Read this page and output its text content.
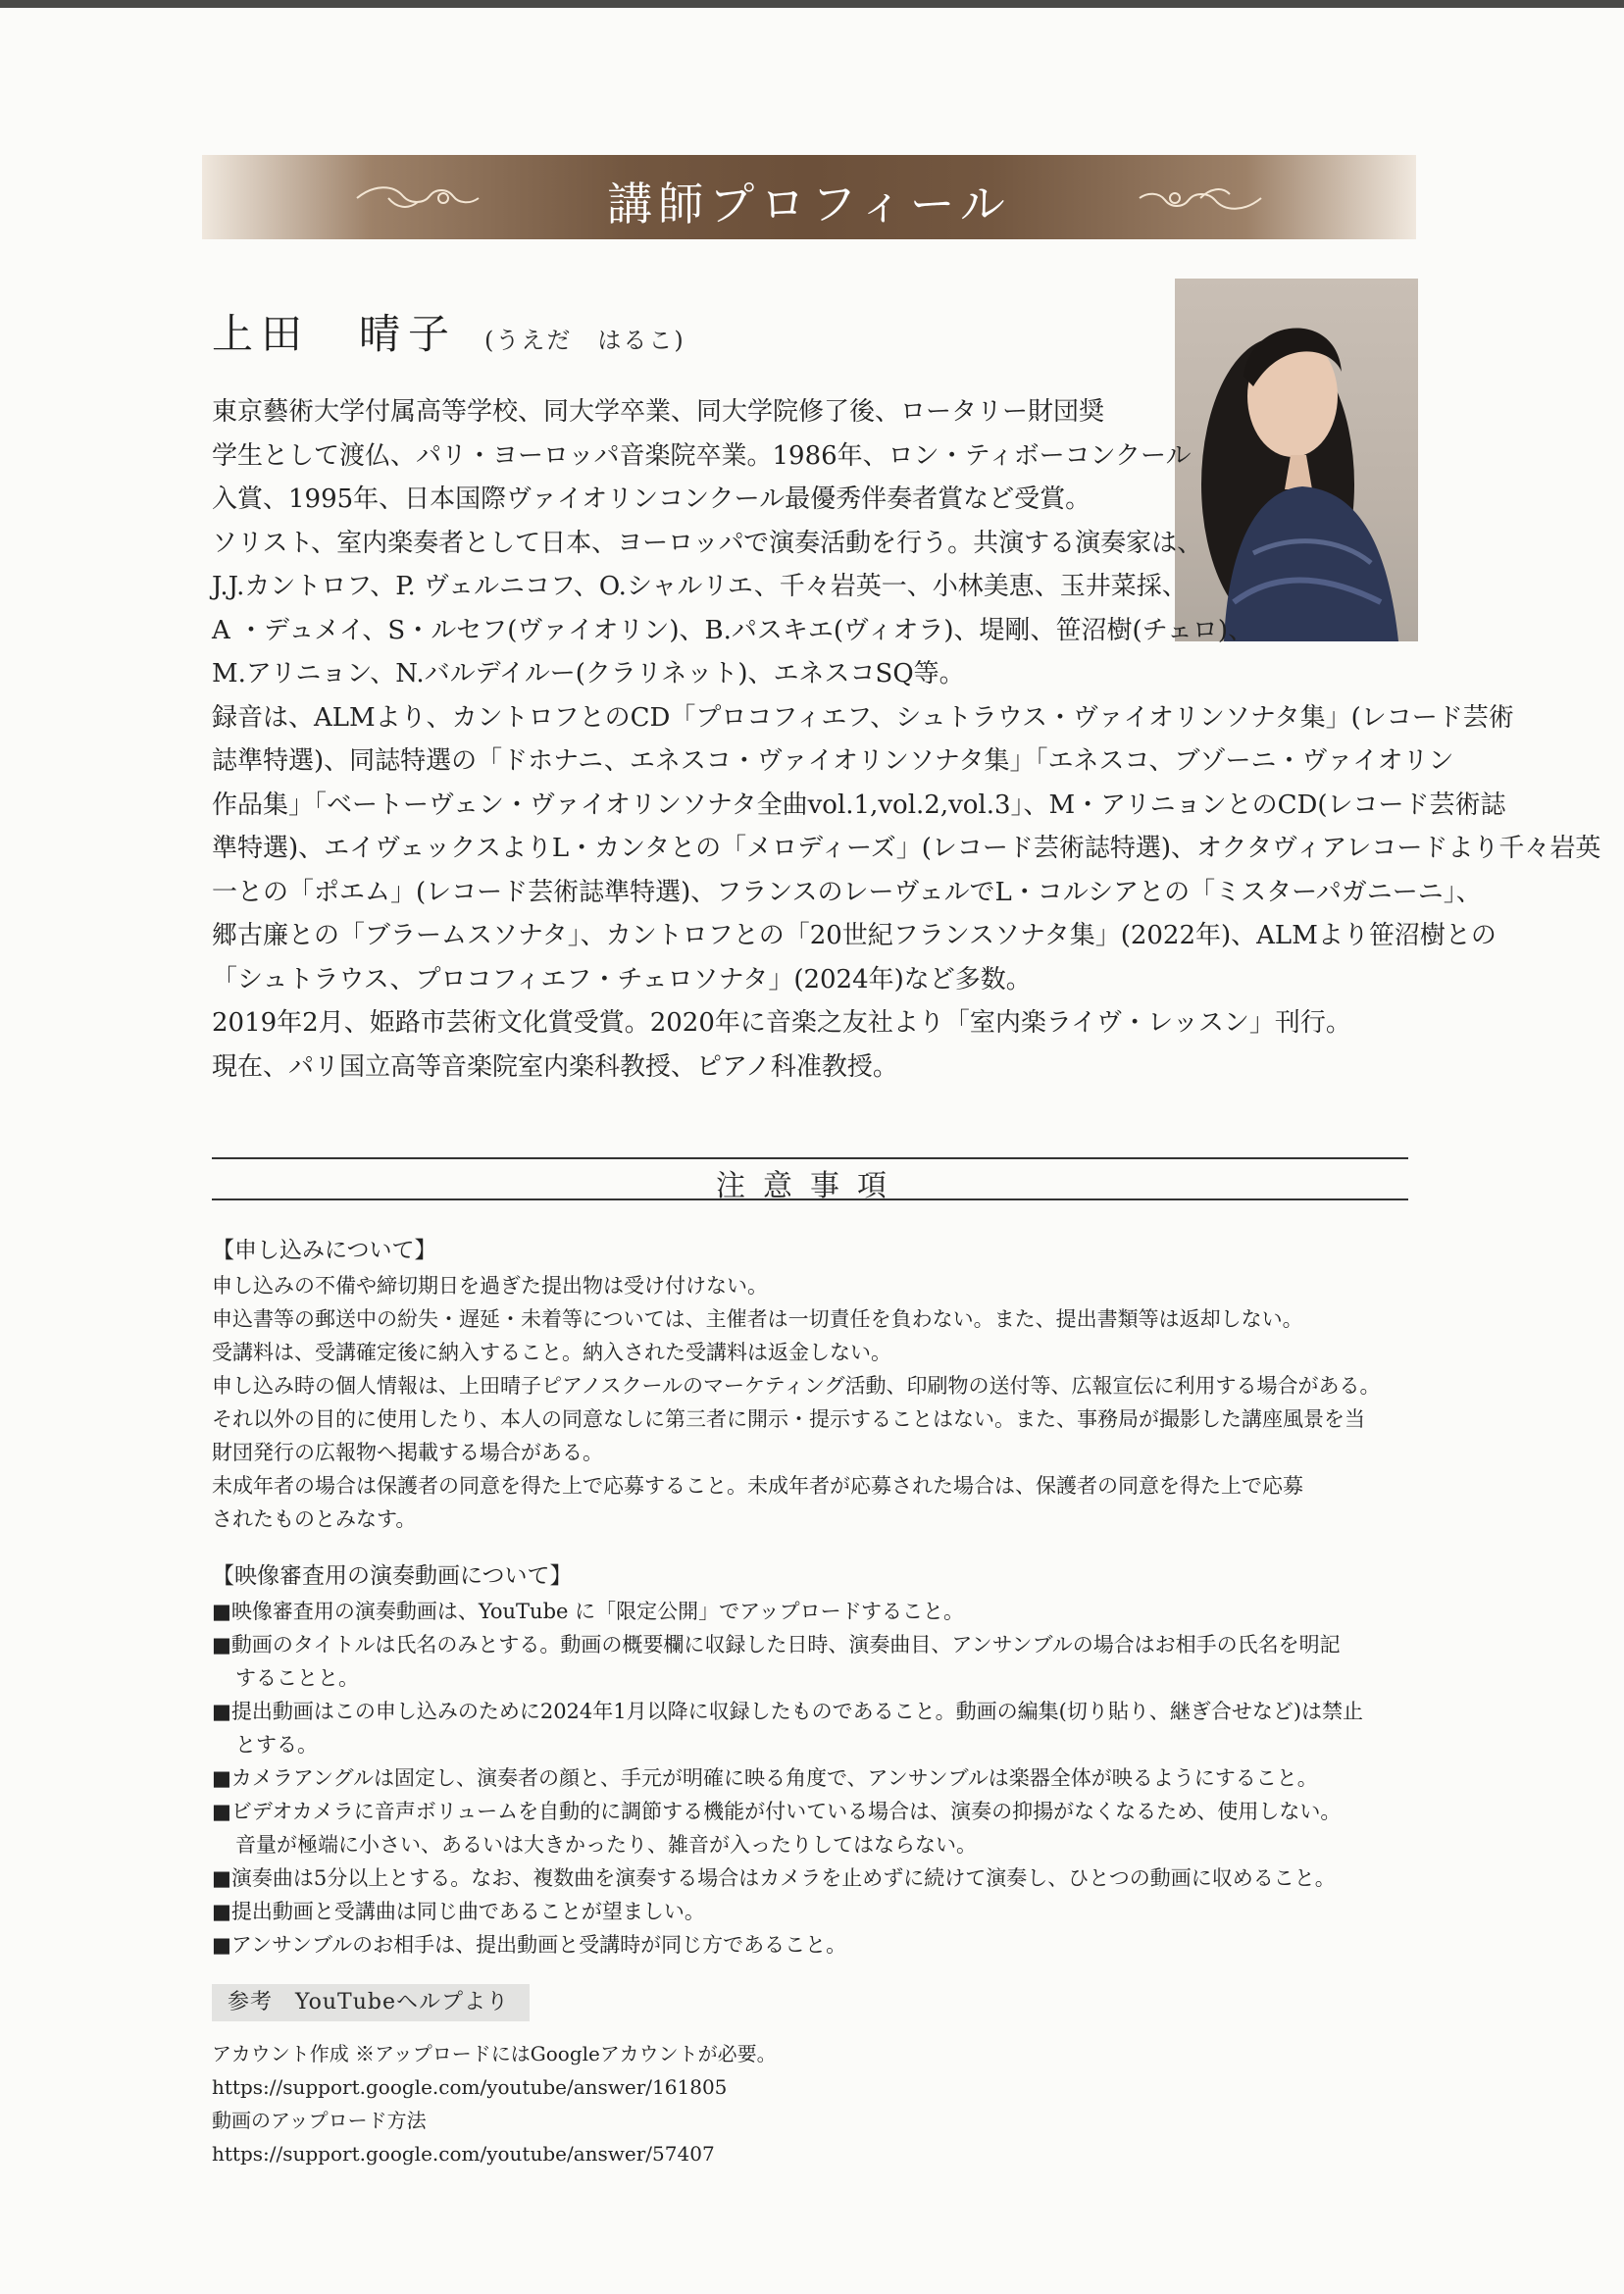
講師プロフィール
上田　晴子 (うえだ　はるこ)

東京藝術大学付属高等学校、同大学卒業、同大学院修了後、ロータリー財団奨

学生として渡仏、パリ・ヨーロッパ音楽院卒業。1986年、ロン・ティボーコンクール

入賞、1995年、日本国際ヴァイオリンコンクール最優秀伴奏者賞など受賞。

ソリスト、室内楽奏者として日本、ヨーロッパで演奏活動を行う。共演する演奏家は、

J.J.カントロフ、P. ヴェルニコフ、O.シャルリエ、千々岩英一、小林美恵、玉井菜採、

A ・デュメイ、S・ルセフ(ヴァイオリン)、B.パスキエ(ヴィオラ)、堤剛、笹沼樹(チェロ)、

M.アリニョン、N.バルデイルー(クラリネット)、エネスコSQ等。

録音は、ALMより、カントロフとのCD「プロコフィエフ、シュトラウス・ヴァイオリンソナタ集」(レコード芸術

誌準特選)、同誌特選の「ドホナニ、エネスコ・ヴァイオリンソナタ集」「エネスコ、ブゾーニ・ヴァイオリン

作品集」「ベートーヴェン・ヴァイオリンソナタ全曲vol.1,vol.2,vol.3」、M・アリニョンとのCD(レコード芸術誌

準特選)、エイヴェックスよりL・カンタとの「メロディーズ」(レコード芸術誌特選)、オクタヴィアレコードより千々岩英

一との「ポエム」(レコード芸術誌準特選)、フランスのレーヴェルでL・コルシアとの「ミスターパガニーニ」、

郷古廉との「ブラームスソナタ」、カントロフとの「20世紀フランスソナタ集」(2022年)、ALMより笹沼樹との

「シュトラウス、プロコフィエフ・チェロソナタ」(2024年)など多数。

2019年2月、姫路市芸術文化賞受賞。2020年に音楽之友社より「室内楽ライヴ・レッスン」刊行。

現在、パリ国立高等音楽院室内楽科教授、ピアノ科准教授。

注意事項
【申し込みについて】

申し込みの不備や締切期日を過ぎた提出物は受け付けない。

申込書等の郵送中の紛失・遅延・未着等については、主催者は一切責任を負わない。また、提出書類等は返却しない。

受講料は、受講確定後に納入すること。納入された受講料は返金しない。

申し込み時の個人情報は、上田晴子ピアノスクールのマーケティング活動、印刷物の送付等、広報宣伝に利用する場合がある。

それ以外の目的に使用したり、本人の同意なしに第三者に開示・提示することはない。また、事務局が撮影した講座風景を当

財団発行の広報物へ掲載する場合がある。

未成年者の場合は保護者の同意を得た上で応募すること。未成年者が応募された場合は、保護者の同意を得た上で応募

されたものとみなす。

【映像審査用の演奏動画について】

■映像審査用の演奏動画は、YouTube に「限定公開」でアップロードすること。

■動画のタイトルは氏名のみとする。動画の概要欄に収録した日時、演奏曲目、アンサンブルの場合はお相手の氏名を明記

することと。

■提出動画はこの申し込みのために2024年1月以降に収録したものであること。動画の編集(切り貼り、継ぎ合せなど)は禁止

とする。

■カメラアングルは固定し、演奏者の顔と、手元が明確に映る角度で、アンサンブルは楽器全体が映るようにすること。

■ビデオカメラに音声ボリュームを自動的に調節する機能が付いている場合は、演奏の抑揚がなくなるため、使用しない。

音量が極端に小さい、あるいは大きかったり、雑音が入ったりしてはならない。

■演奏曲は5分以上とする。なお、複数曲を演奏する場合はカメラを止めずに続けて演奏し、ひとつの動画に収めること。

■提出動画と受講曲は同じ曲であることが望ましい。

■アンサンブルのお相手は、提出動画と受講時が同じ方であること。

参考　YouTubeヘルプより

アカウント作成 ※アップロードにはGoogleアカウントが必要。

https://support.google.com/youtube/answer/161805

動画のアップロード方法

https://support.google.com/youtube/answer/57407
